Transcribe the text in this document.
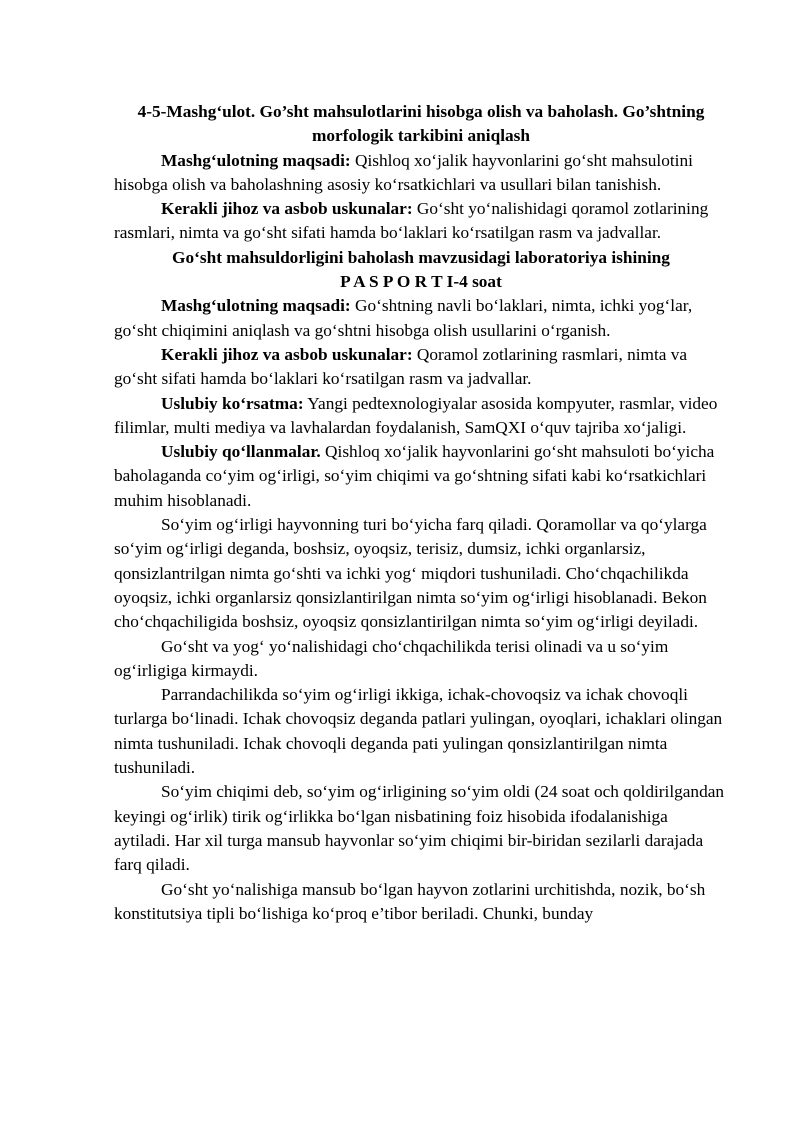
4-5-Mashg‘ulot. Go’sht mahsulotlarini hisobga olish va baholash. Go’shtning morfologik tarkibini aniqlash

Mashg‘ulotning maqsadi: Qishloq xo‘jalik hayvonlarini go‘sht mahsulotini hisobga olish va baholashning asosiy ko‘rsatkichlari va usullari bilan tanishish.

Kerakli jihoz va asbob uskunalar: Go‘sht yo‘nalishidagi qoramol zotlarining rasmlari, nimta va go‘sht sifati hamda bo‘laklari ko‘rsatilgan rasm va jadvallar.

Go‘sht mahsuldorligini baholash mavzusidagi laboratoriya ishining

P A S P O R T I-4 soat

Mashg‘ulotning maqsadi: Go‘shtning navli bo‘laklari, nimta, ichki yog‘lar, go‘sht chiqimini aniqlash va go‘shtni hisobga olish usullarini o‘rganish.

Kerakli jihoz va asbob uskunalar: Qoramol zotlarining rasmlari, nimta va go‘sht sifati hamda bo‘laklari ko‘rsatilgan rasm va jadvallar.

Uslubiy ko‘rsatma: Yangi pedtexnologiyalar asosida kompyuter, rasmlar, video filimlar, multi mediya va lavhalardan foydalanish, SamQXI o‘quv tajriba xo‘jaligi.

Uslubiy qo‘llanmalar. Qishloq xo‘jalik hayvonlarini go‘sht mahsuloti bo‘yicha baholaganda co‘yim og‘irligi, so‘yim chiqimi va go‘shtning sifati kabi ko‘rsatkichlari muhim hisoblanadi.

So‘yim og‘irligi hayvonning turi bo‘yicha farq qiladi. Qoramollar va qo‘ylarga so‘yim og‘irligi deganda, boshsiz, oyoqsiz, terisiz, dumsiz, ichki organlarsiz, qonsizlantrilgan nimta go‘shti va ichki yog‘ miqdori tushuniladi. Cho‘chqachilikda oyoqsiz, ichki organlarsiz qonsizlantirilgan nimta so‘yim og‘irligi hisoblanadi. Bekon cho‘chqachiligida boshsiz, oyoqsiz qonsizlantirilgan nimta so‘yim og‘irligi deyiladi.

Go‘sht va yog‘ yo‘nalishidagi cho‘chqachilikda terisi olinadi va u so‘yim og‘irligiga kirmaydi.

Parrandachilikda so‘yim og‘irligi ikkiga, ichak-chovoqsiz va ichak chovoqli turlarga bo‘linadi. Ichak chovoqsiz deganda patlari yulingan, oyoqlari, ichaklari olingan nimta tushuniladi. Ichak chovoqli deganda pati yulingan qonsizlantirilgan nimta tushuniladi.

So‘yim chiqimi deb, so‘yim og‘irligining so‘yim oldi (24 soat och qoldirilgandan keyingi og‘irlik) tirik og‘irlikka bo‘lgan nisbatining foiz hisobida ifodalanishiga aytiladi. Har xil turga mansub hayvonlar so‘yim chiqimi bir-biridan sezilarli darajada farq qiladi.

Go‘sht yo‘nalishiga mansub bo‘lgan hayvon zotlarini urchitishda, nozik, bo‘sh konstitutsiya tipli bo‘lishiga ko‘proq e’tibor beriladi. Chunki, bunday
